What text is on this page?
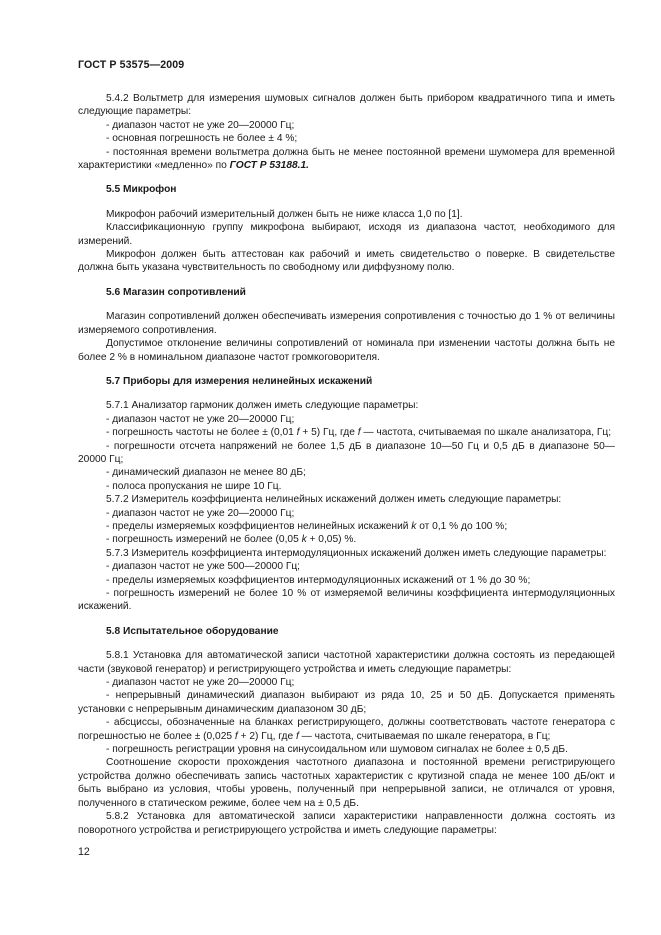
ГОСТ Р 53575—2009

5.4.2 Вольтметр для измерения шумовых сигналов должен быть прибором квадратичного типа и иметь следующие параметры:

- диапазон частот не уже 20—20000 Гц;

- основная погрешность не более ± 4 %;

- постоянная времени вольтметра должна быть не менее постоянной времени шумомера для временной характеристики «медленно» по ГОСТ Р 53188.1.

5.5 Микрофон

Микрофон рабочий измерительный должен быть не ниже класса 1,0 по [1].

Классификационную группу микрофона выбирают, исходя из диапазона частот, необходимого для измерений.

Микрофон должен быть аттестован как рабочий и иметь свидетельство о поверке. В свидетельстве должна быть указана чувствительность по свободному или диффузному полю.

5.6 Магазин сопротивлений

Магазин сопротивлений должен обеспечивать измерения сопротивления с точностью до 1 % от величины измеряемого сопротивления.

Допустимое отклонение величины сопротивлений от номинала при изменении частоты должна быть не более 2 % в номинальном диапазоне частот громкоговорителя.

5.7 Приборы для измерения нелинейных искажений

5.7.1 Анализатор гармоник должен иметь следующие параметры:

- диапазон частот не уже 20—20000 Гц;

- погрешность частоты не более ± (0,01 f + 5) Гц, где f — частота, считываемая по шкале анализатора, Гц;

- погрешности отсчета напряжений не более 1,5 дБ в диапазоне 10—50 Гц и 0,5 дБ в диапазоне 50—20000 Гц;

- динамический диапазон не менее 80 дБ;

- полоса пропускания не шире 10 Гц.

5.7.2 Измеритель коэффициента нелинейных искажений должен иметь следующие параметры:

- диапазон частот не уже 20—20000 Гц;

- пределы измеряемых коэффициентов нелинейных искажений k от 0,1 % до 100 %;

- погрешность измерений не более (0,05 k + 0,05) %.

5.7.3 Измеритель коэффициента интермодуляционных искажений должен иметь следующие параметры:

- диапазон частот не уже 500—20000 Гц;

- пределы измеряемых коэффициентов интермодуляционных искажений от 1 % до 30 %;

- погрешность измерений не более 10 % от измеряемой величины коэффициента интермодуляционных искажений.

5.8 Испытательное оборудование

5.8.1 Установка для автоматической записи частотной характеристики должна состоять из передающей части (звуковой генератор) и регистрирующего устройства и иметь следующие параметры:

- диапазон частот не уже 20—20000 Гц;

- непрерывный динамический диапазон выбирают из ряда 10, 25 и 50 дБ. Допускается применять установки с непрерывным динамическим диапазоном 30 дБ;

- абсциссы, обозначенные на бланках регистрирующего, должны соответствовать частоте генератора с погрешностью не более ± (0,025 f + 2) Гц, где f — частота, считываемая по шкале генератора, в Гц;

- погрешность регистрации уровня на синусоидальном или шумовом сигналах не более ± 0,5 дБ.

Соотношение скорости прохождения частотного диапазона и постоянной времени регистрирующего устройства должно обеспечивать запись частотных характеристик с крутизной спада не менее 100 дБ/окт и быть выбрано из условия, чтобы уровень, полученный при непрерывной записи, не отличался от уровня, полученного в статическом режиме, более чем на ± 0,5 дБ.

5.8.2 Установка для автоматической записи характеристики направленности должна состоять из поворотного устройства и регистрирующего устройства и иметь следующие параметры:

12
